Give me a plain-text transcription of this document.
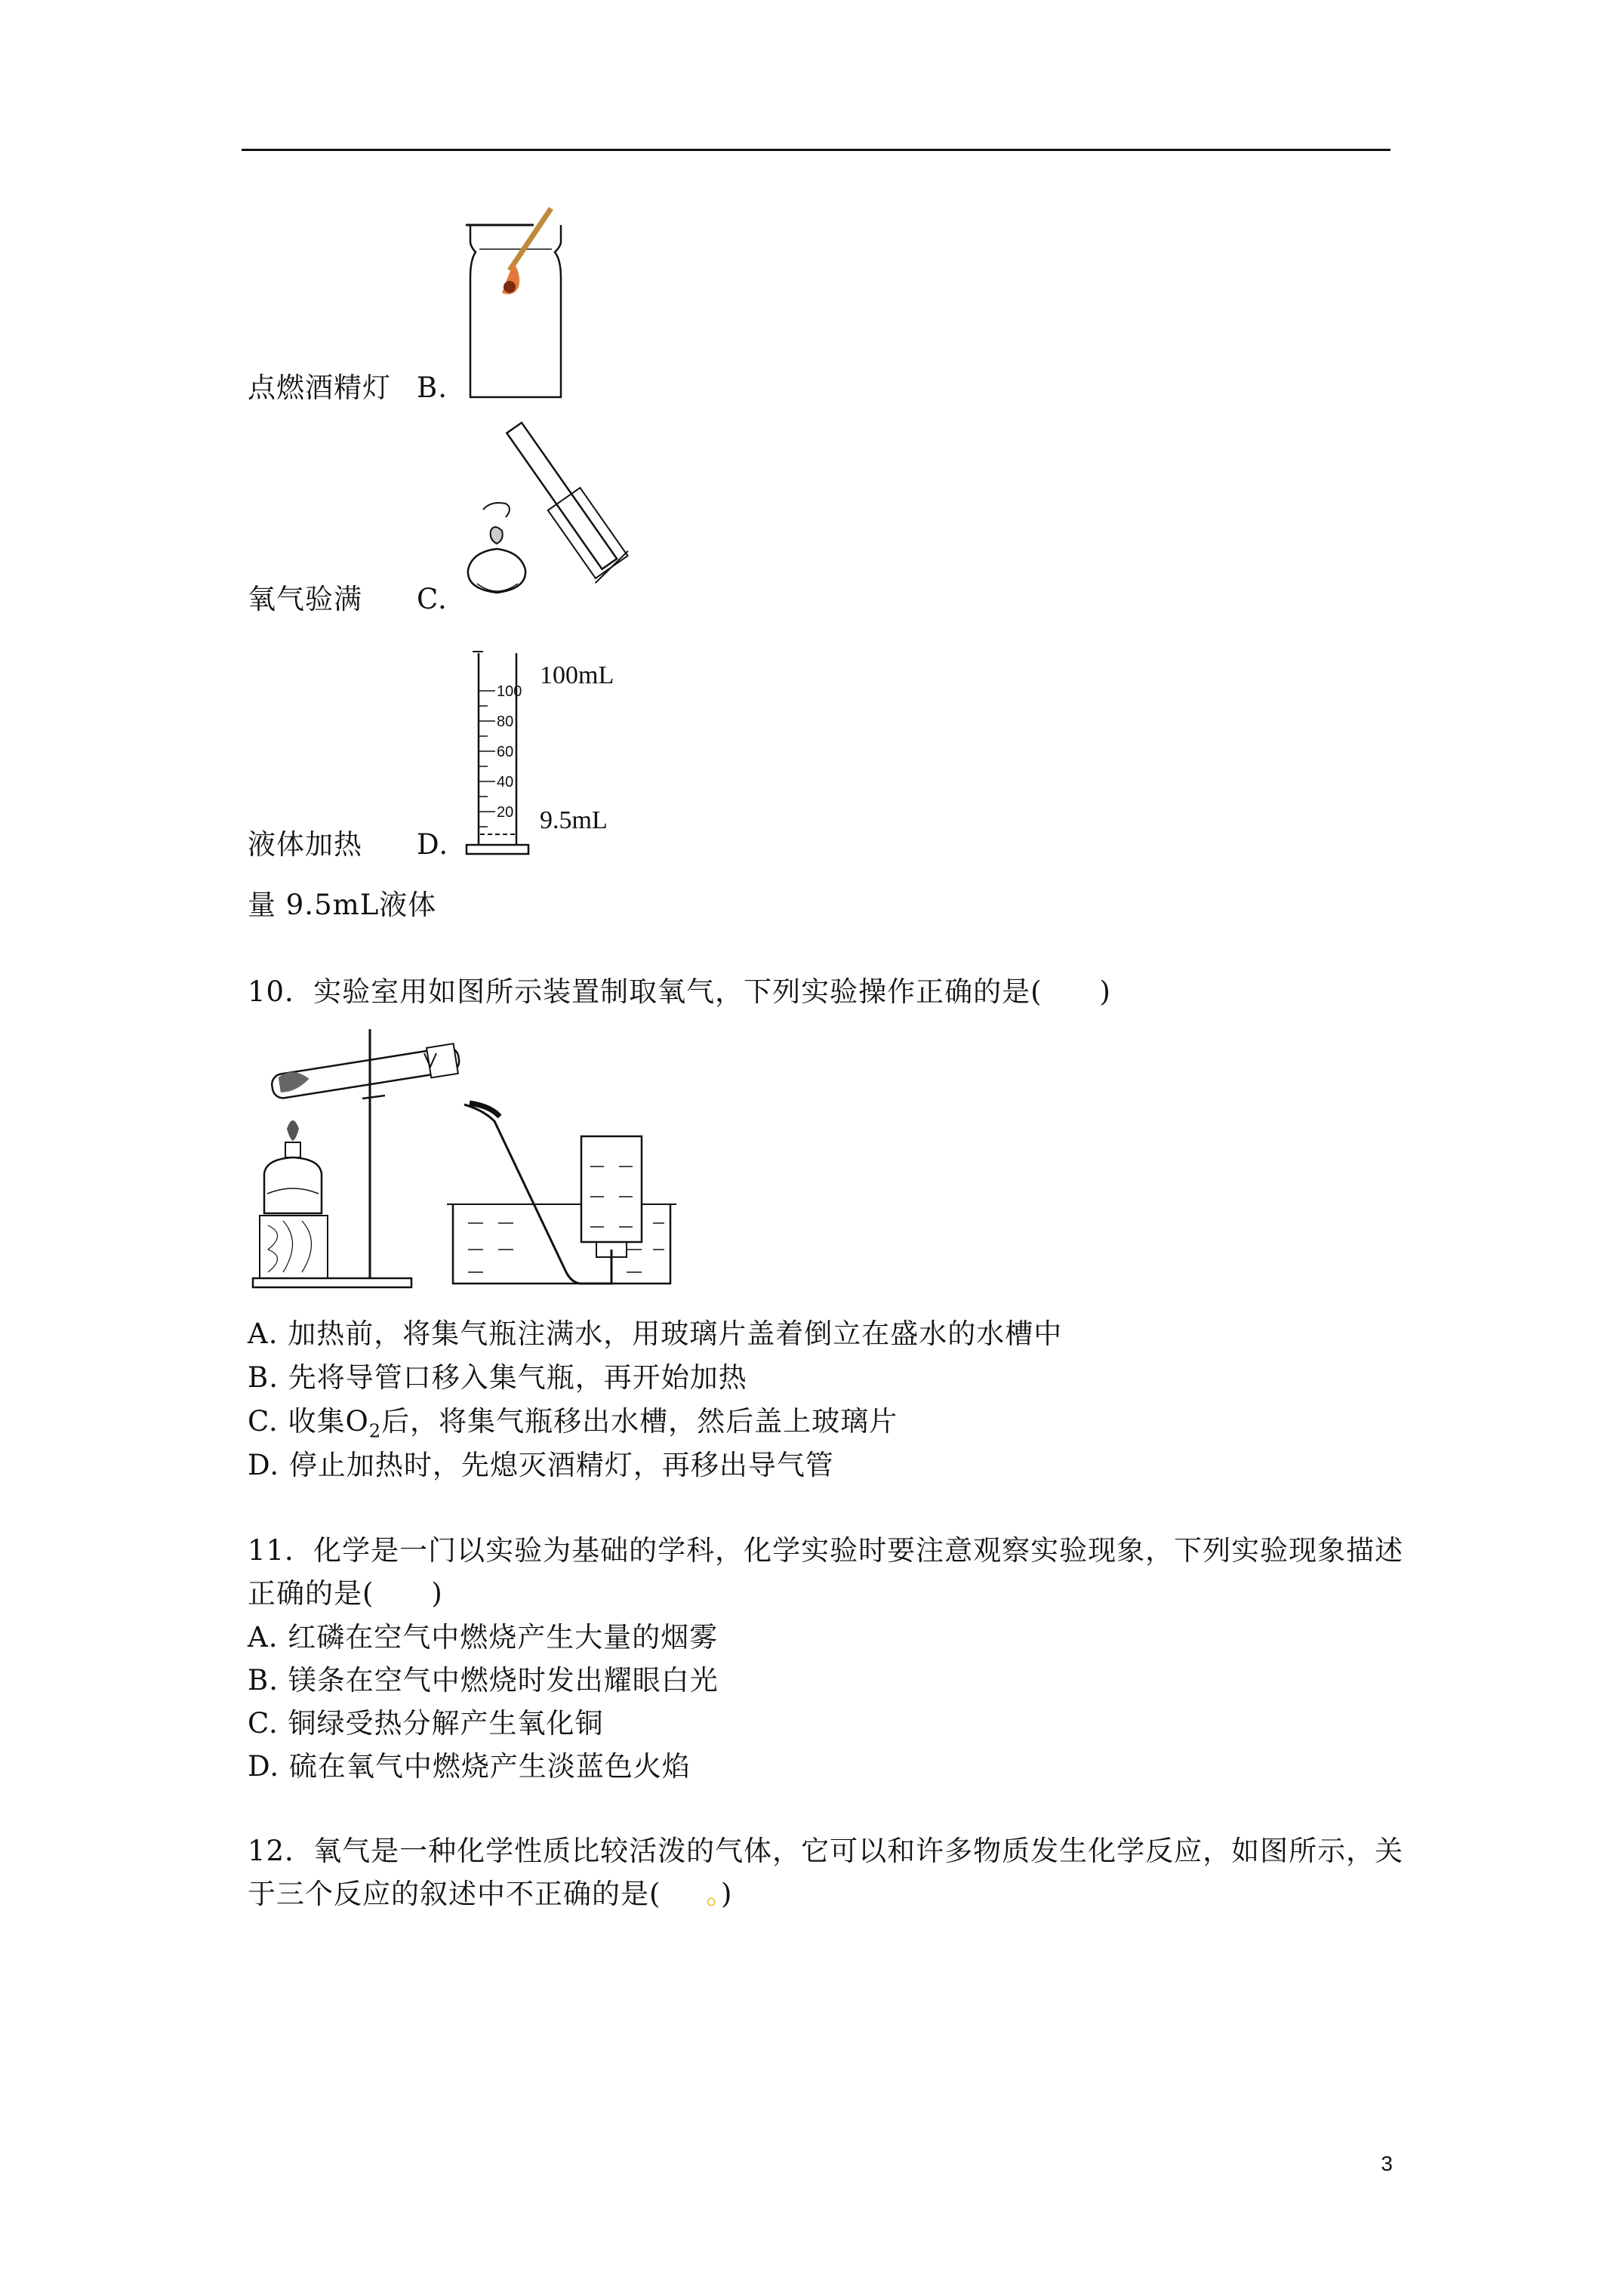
点燃酒精灯 B.
氧气验满 C.
液体加热 D.
100
80
60
40
20
100mL
9.5mL
量 9.5mL液体
10．实验室用如图所示装置制取氧气，下列实验操作正确的是(　　)
A. 加热前，将集气瓶注满水，用玻璃片盖着倒立在盛水的水槽中
B. 先将导管口移入集气瓶，再开始加热
C. 收集$O_2$后，将集气瓶移出水槽，然后盖上玻璃片
D. 停止加热时，先熄灭酒精灯，再移出导气管
11．化学是一门以实验为基础的学科，化学实验时要注意观察实验现象，下列实验现象描述
正确的是(　　)
A. 红磷在空气中燃烧产生大量的烟雾
B. 镁条在空气中燃烧时发出耀眼白光
C. 铜绿受热分解产生氧化铜
D. 硫在氧气中燃烧产生淡蓝色火焰
12．氧气是一种化学性质比较活泼的气体，它可以和许多物质发生化学反应，如图所示，关
于三个反应的叙述中不正确的是( 。)
3
